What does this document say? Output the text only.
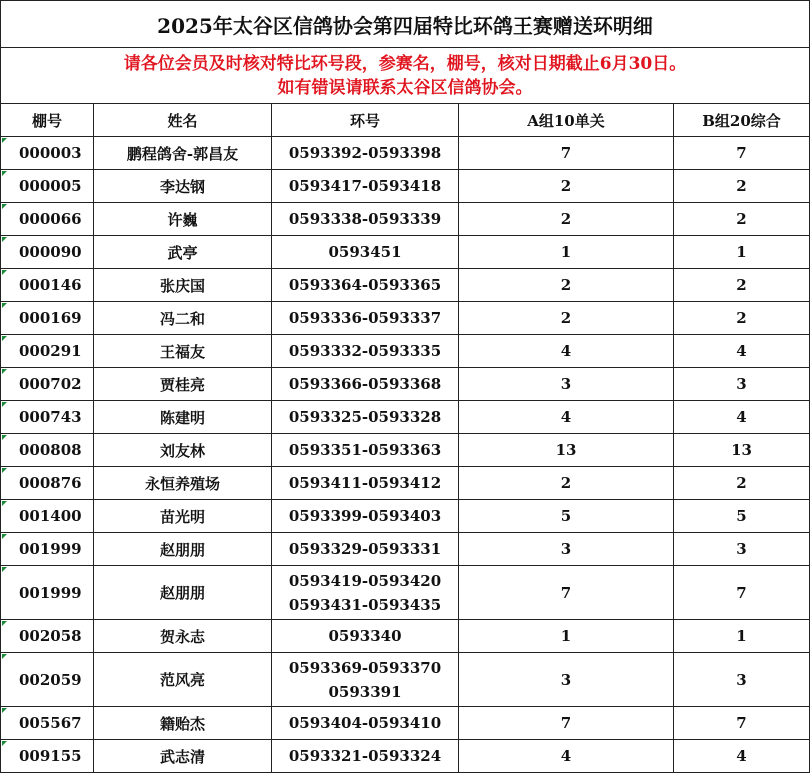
2025年太谷区信鸽协会第四届特比环鸽王赛赠送环明细				

请各位会员及时核对特比环号段，参赛名，棚号，核对日期截止6月30日。
如有错误请联系太谷区信鸽协会。				

棚号	姓名	环号	A组10单关	B组20综合
000003	鹏程鸽舍-郭昌友	0593392-0593398	7	7
000005	李达钢	0593417-0593418	2	2
000066	许巍	0593338-0593339	2	2
000090	武亭	0593451	1	1
000146	张庆国	0593364-0593365	2	2
000169	冯二和	0593336-0593337	2	2
000291	王福友	0593332-0593335	4	4
000702	贾桂亮	0593366-0593368	3	3
000743	陈建明	0593325-0593328	4	4
000808	刘友林	0593351-0593363	13	13
000876	永恒养殖场	0593411-0593412	2	2
001400	苗光明	0593399-0593403	5	5
001999	赵朋朋	0593329-0593331	3	3
001999	赵朋朋	0593419-0593420
0593431-0593435	7	7
002058	贺永志	0593340	1	1
002059	范风亮	0593369-0593370
0593391	3	3
005567	籍贻杰	0593404-0593410	7	7
009155	武志清	0593321-0593324	4	4
